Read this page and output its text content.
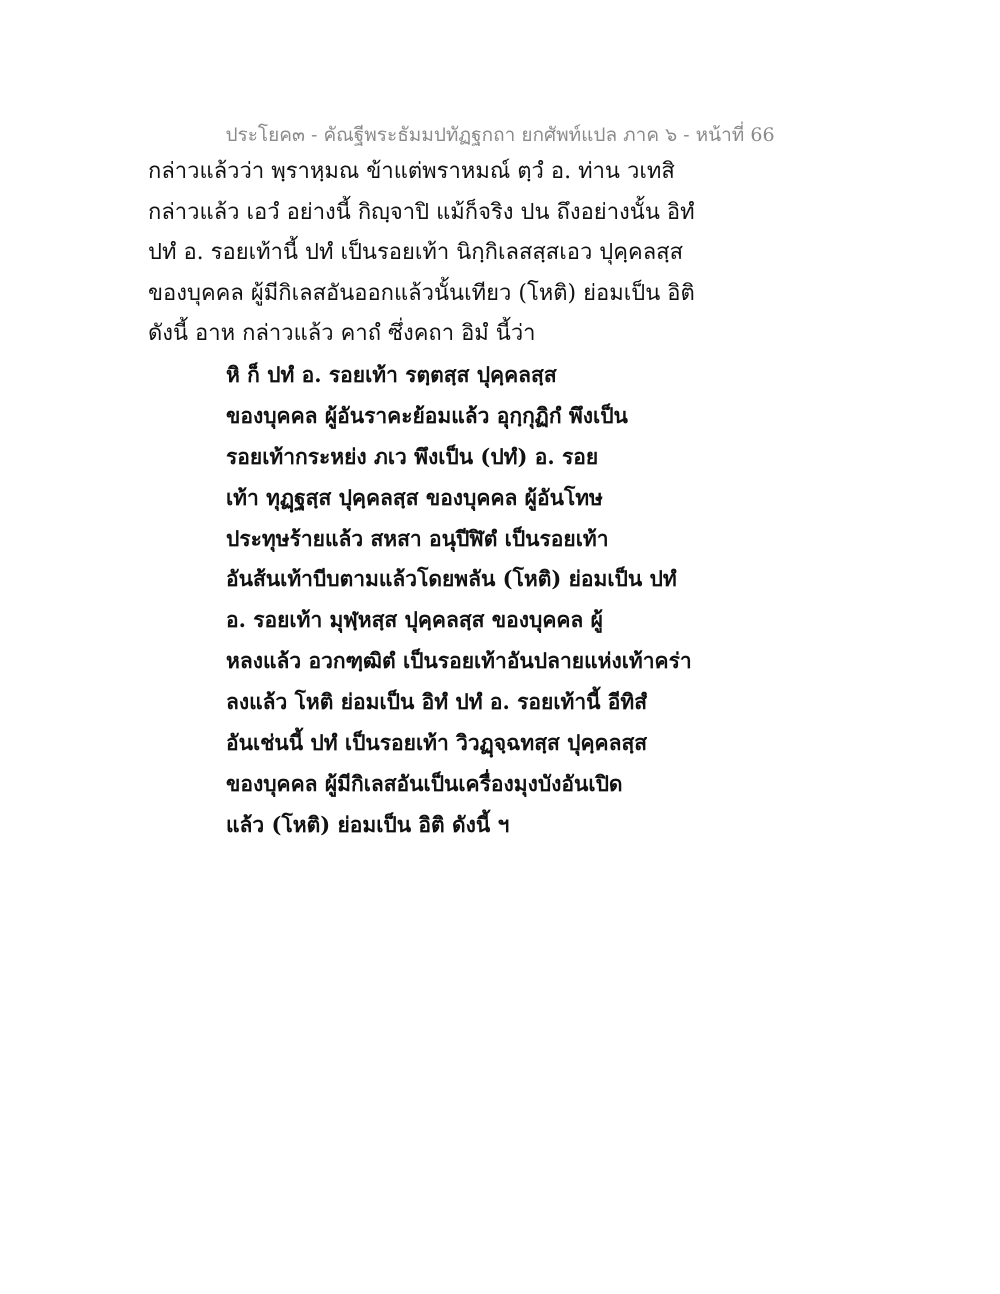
ประโยค๓ - คัณฐีพระธัมมปทัฏฐกถา ยกศัพท์แปล ภาค ๖ - หน้าที่ 66
กล่าวแล้วว่า พฺราหฺมณ ข้าแต่พราหมณ์ ตฺวํ อ. ท่าน วเทสิ
กล่าวแล้ว เอวํ อย่างนี้ กิญฺจาปิ แม้ก็จริง ปน ถึงอย่างนั้น อิทํ
ปทํ อ. รอยเท้านี้ ปทํ เป็นรอยเท้า นิกฺกิเลสสฺสเอว ปุคฺคลสฺส
ของบุคคล ผู้มีกิเลสอันออกแล้วนั้นเทียว (โหติ) ย่อมเป็น อิติ
ดังนี้ อาห กล่าวแล้ว คาถํ ซึ่งคถา อิมํ นี้ว่า
หิ ก็ ปทํ อ. รอยเท้า รตฺตสฺส ปุคฺคลสฺส
ของบุคคล ผู้อันราคะย้อมแล้ว อุกฺกุฏิกํ พึงเป็น
รอยเท้ากระหย่ง ภเว พึงเป็น (ปทํ) อ. รอย
เท้า ทุฏฺฐสฺส ปุคฺคลสฺส ของบุคคล ผู้อันโทษ
ประทุษร้ายแล้ว สหสา อนุปีฬิตํ เป็นรอยเท้า
อันส้นเท้าบีบตามแล้วโดยพลัน (โหติ) ย่อมเป็น ปทํ
อ. รอยเท้า มุฬฺหสฺส ปุคฺคลสฺส ของบุคคล ผู้
หลงแล้ว อวกฑฺฒิตํ เป็นรอยเท้าอันปลายแห่งเท้าคร่า
ลงแล้ว โหติ ย่อมเป็น อิทํ ปทํ อ. รอยเท้านี้ อีทิสํ
อันเช่นนี้ ปทํ เป็นรอยเท้า วิวฏฺจฺฉทสฺส ปุคฺคลสฺส
ของบุคคล ผู้มีกิเลสอันเป็นเครื่องมุงบังอันเปิด
แล้ว (โหติ) ย่อมเป็น อิติ ดังนี้ ฯ
